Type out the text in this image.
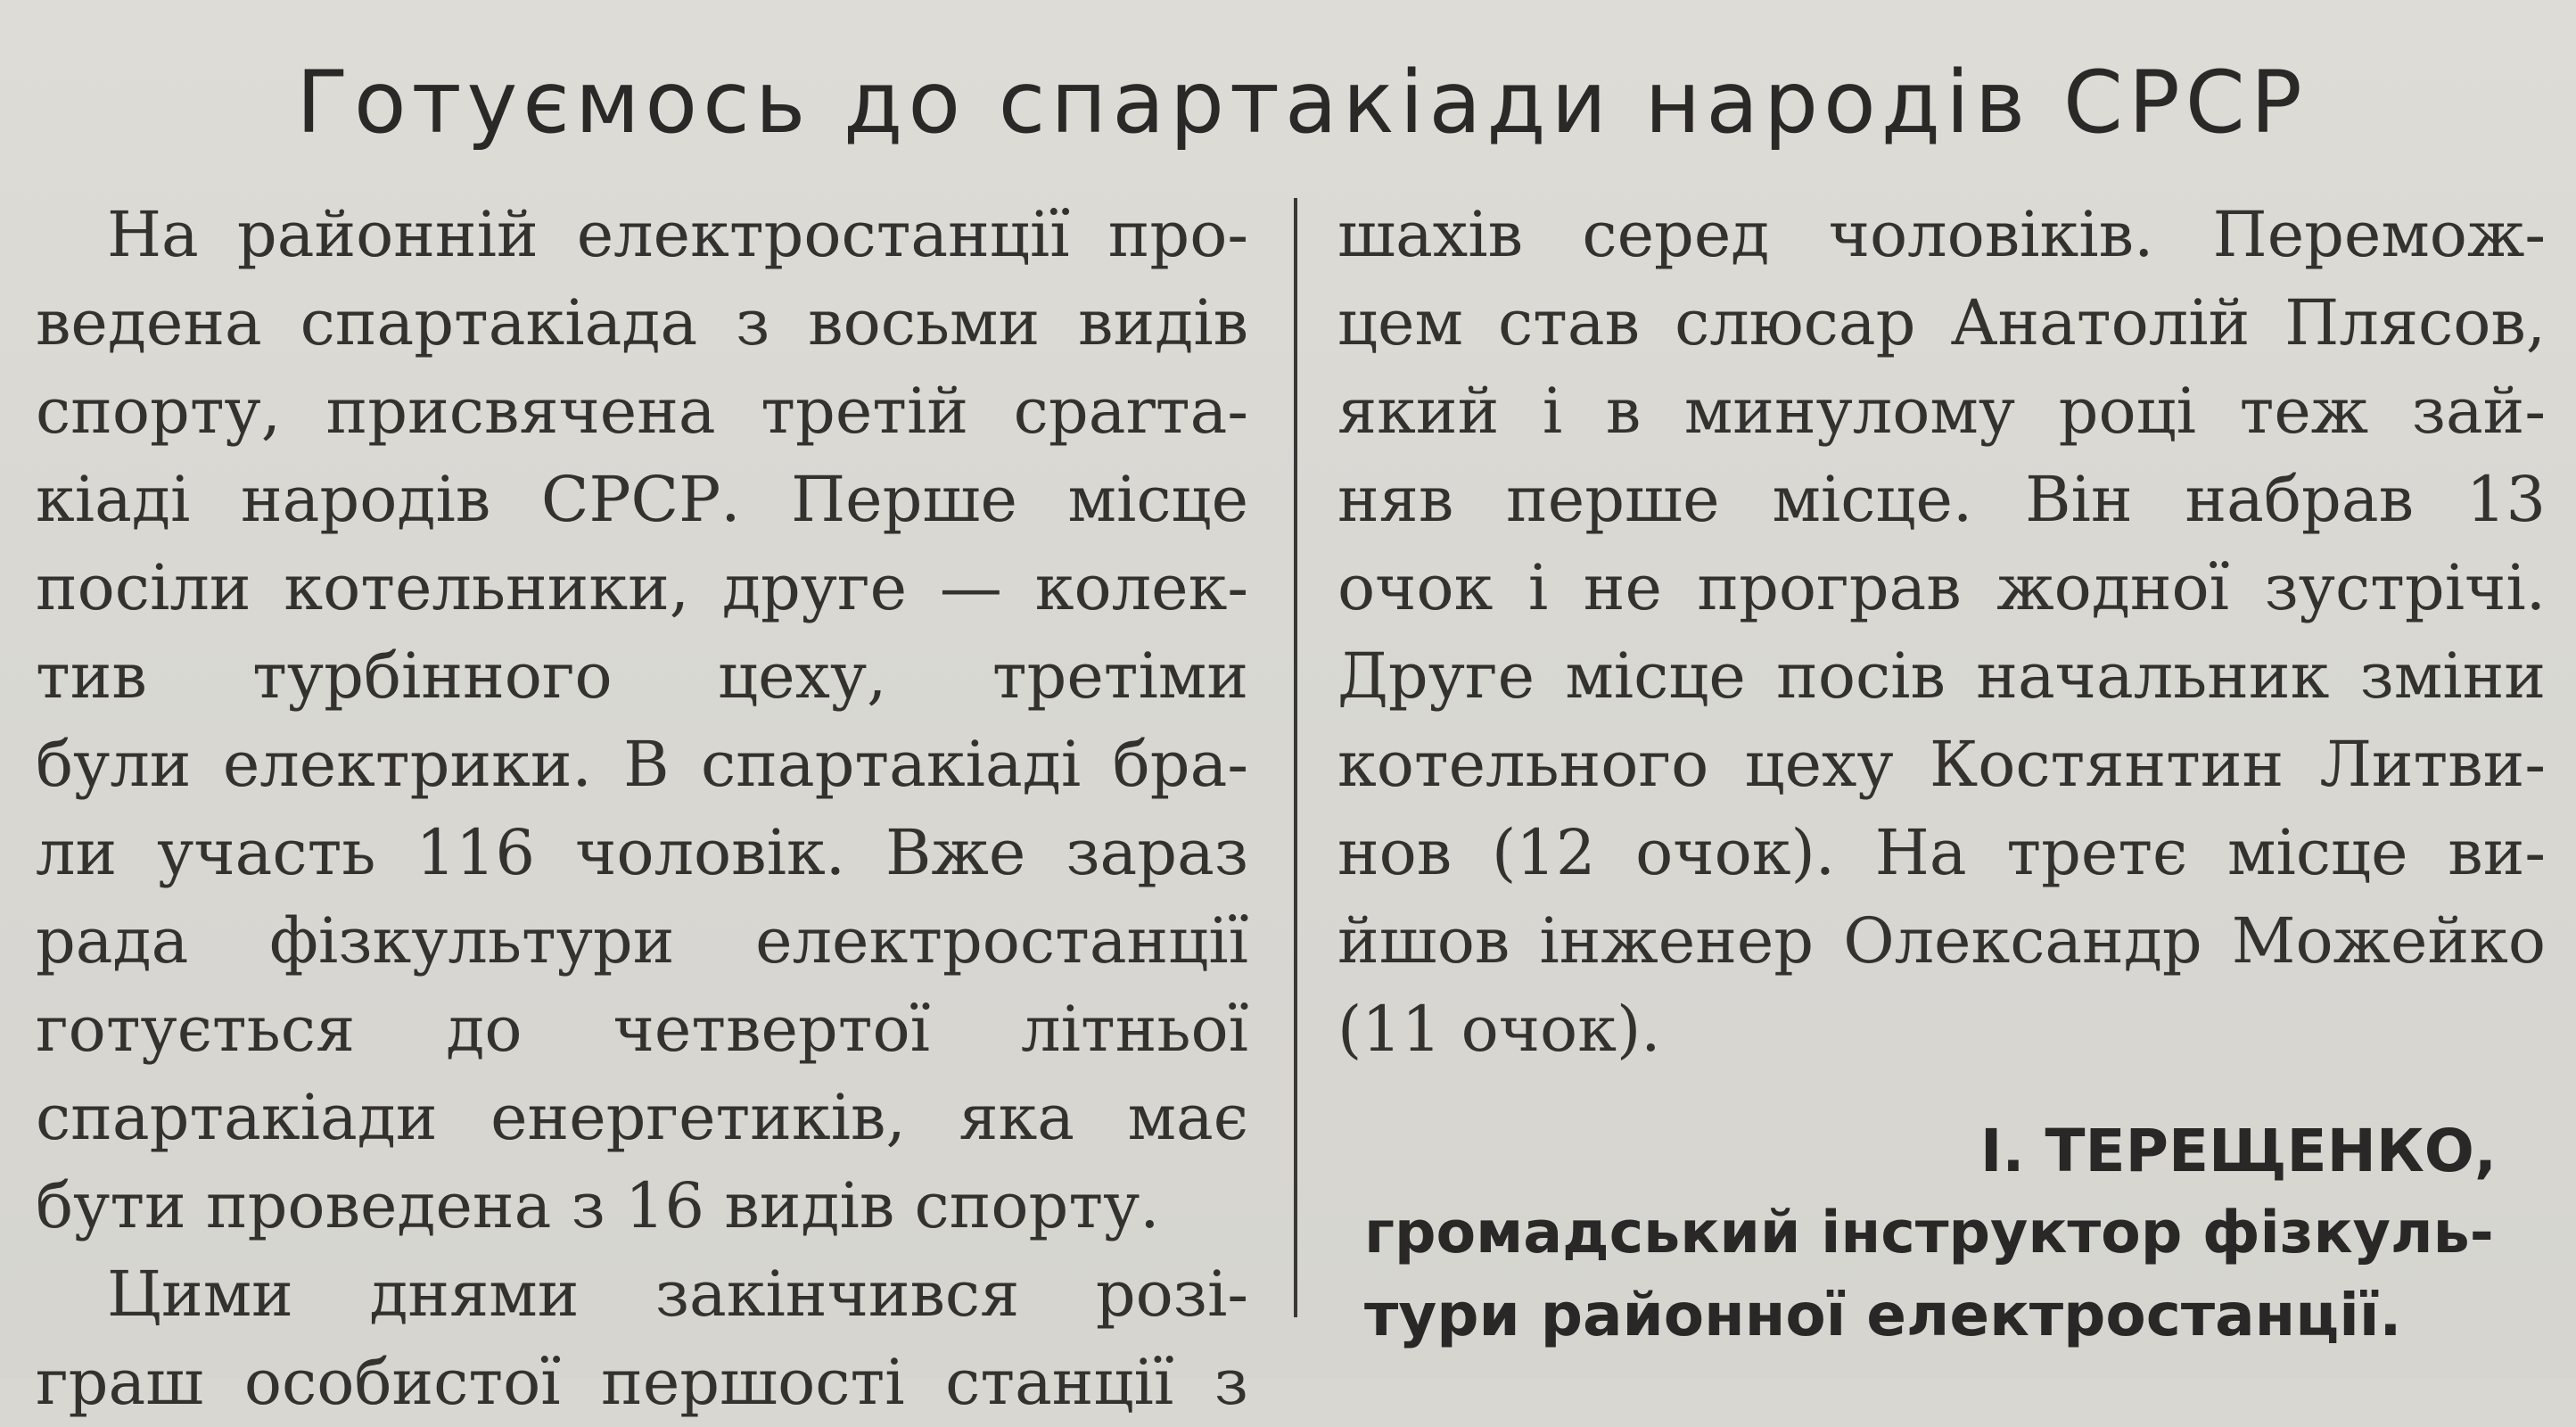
Готуємось до спартакіади народів СРСР
На районній електростанції про-
ведена спартакіада з восьми видів
спорту, присвячена третій сparта-
кіаді народів СРСР. Перше місце
посіли котельники, друге — колек-
тив турбінного цеху, третіми
були електрики. В спартакіаді бра-
ли участь 116 чоловік. Вже зараз
рада фізкультури електростанції
готується до четвертої літньої
спартакіади енергетиків, яка має
бути проведена з 16 видів спорту.
Цими днями закінчився розі-
граш особистої першості станції з
шахів серед чоловіків. Перемож-
цем став слюсар Анатолій Плясов,
який і в минулому році теж зай-
няв перше місце. Він набрав 13
очок і не програв жодної зустрічі.
Друге місце посів начальник зміни
котельного цеху Костянтин Литви-
нов (12 очок). На третє місце ви-
йшов інженер Олександр Можейко
(11 очок).
І. ТЕРЕЩЕНКО,
громадський інструктор фізкуль-
тури районної електростанції.
